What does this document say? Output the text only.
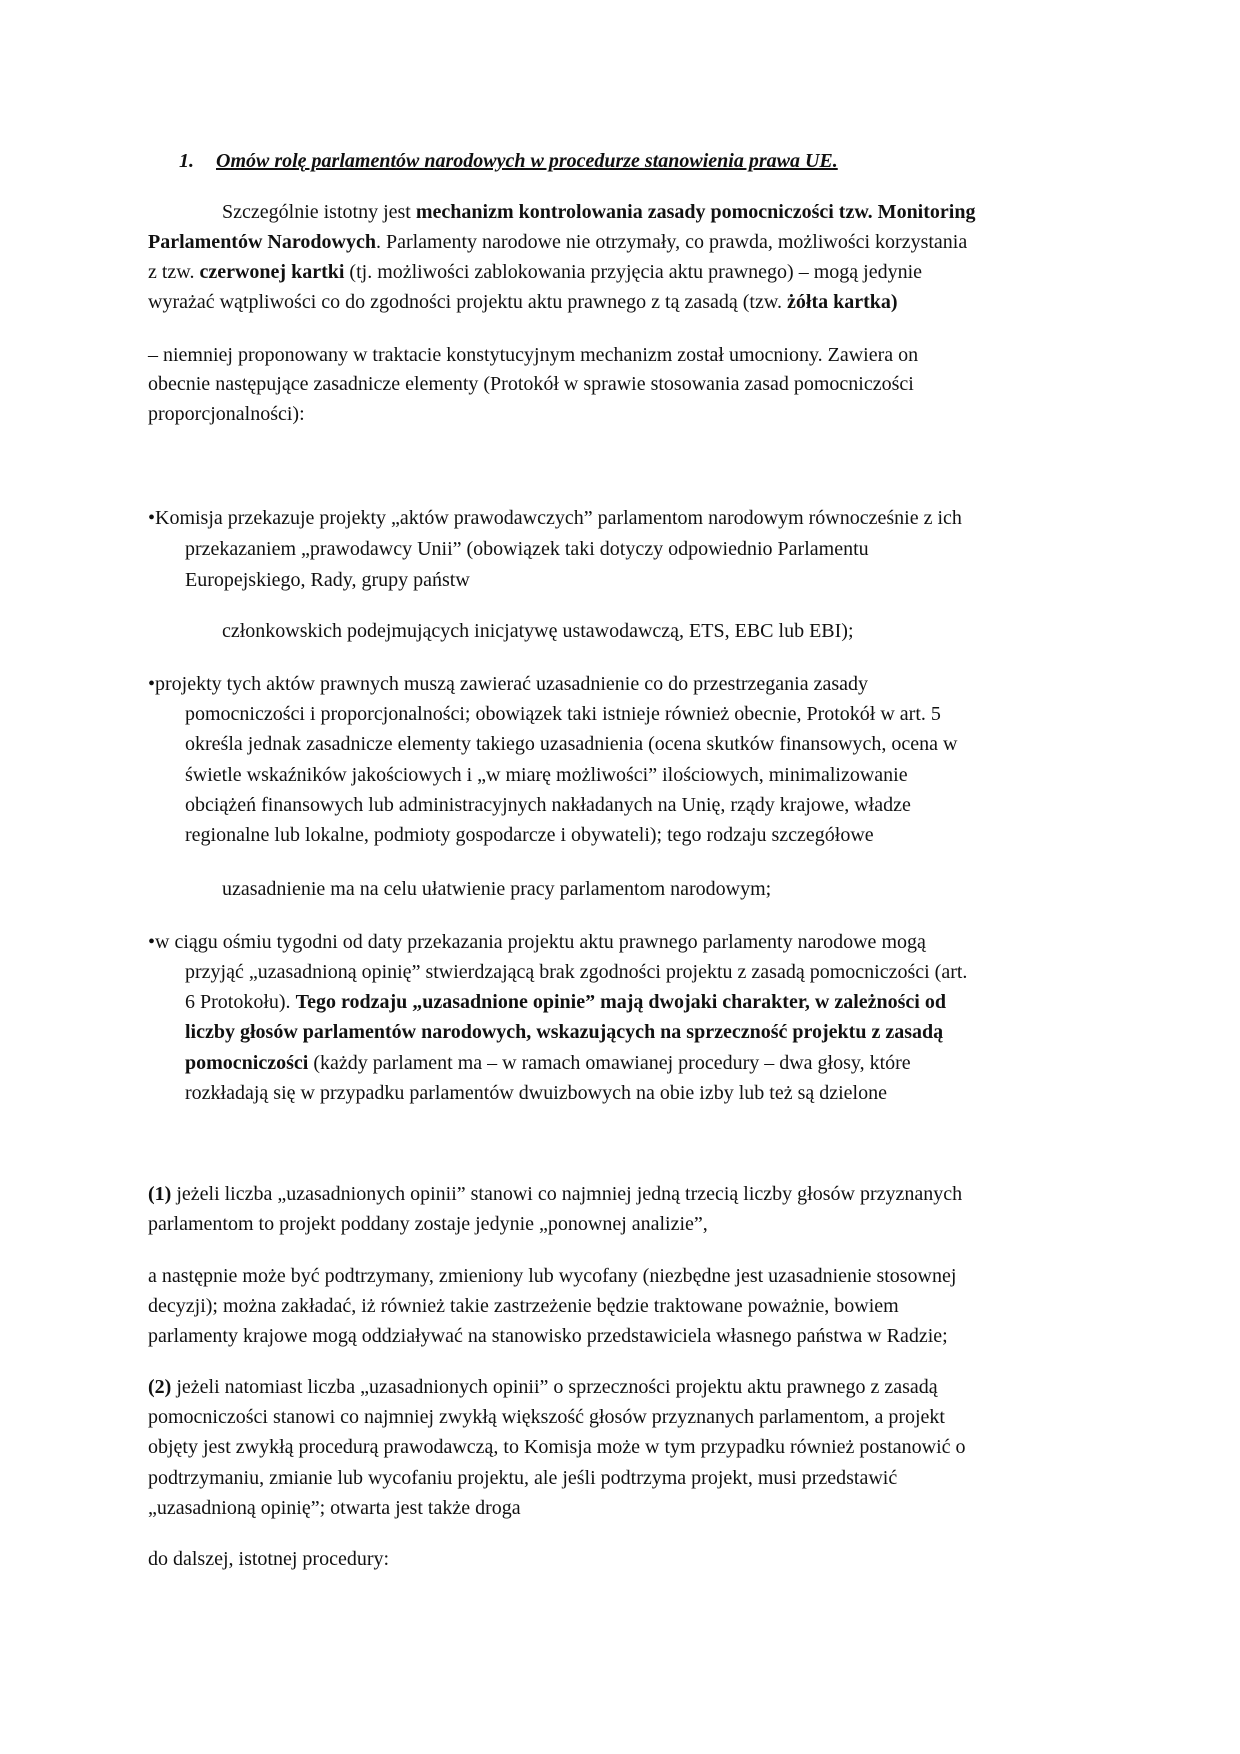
1. Omów rolę parlamentów narodowych w procedurze stanowienia prawa UE.
Szczególnie istotny jest mechanizm kontrolowania zasady pomocniczości tzw. Monitoring
Parlamentów Narodowych. Parlamenty narodowe nie otrzymały, co prawda, możliwości korzystania
z tzw. czerwonej kartki (tj. możliwości zablokowania przyjęcia aktu prawnego) – mogą jedynie
wyrażać wątpliwości co do zgodności projektu aktu prawnego z tą zasadą (tzw. żółta kartka)
– niemniej proponowany w traktacie konstytucyjnym mechanizm został umocniony. Zawiera on
obecnie następujące zasadnicze elementy (Protokół w sprawie stosowania zasad pomocniczości
proporcjonalności):
•Komisja przekazuje projekty „aktów prawodawczych” parlamentom narodowym równocześnie z ich
przekazaniem „prawodawcy Unii” (obowiązek taki dotyczy odpowiednio Parlamentu
Europejskiego, Rady, grupy państw
członkowskich podejmujących inicjatywę ustawodawczą, ETS, EBC lub EBI);
•projekty tych aktów prawnych muszą zawierać uzasadnienie co do przestrzegania zasady
pomocniczości i proporcjonalności; obowiązek taki istnieje również obecnie, Protokół w art. 5
określa jednak zasadnicze elementy takiego uzasadnienia (ocena skutków finansowych, ocena w
świetle wskaźników jakościowych i „w miarę możliwości” ilościowych, minimalizowanie
obciążeń finansowych lub administracyjnych nakładanych na Unię, rządy krajowe, władze
regionalne lub lokalne, podmioty gospodarcze i obywateli); tego rodzaju szczegółowe
uzasadnienie ma na celu ułatwienie pracy parlamentom narodowym;
•w ciągu ośmiu tygodni od daty przekazania projektu aktu prawnego parlamenty narodowe mogą
przyjąć „uzasadnioną opinię” stwierdzającą brak zgodności projektu z zasadą pomocniczości (art.
6 Protokołu). Tego rodzaju „uzasadnione opinie” mają dwojaki charakter, w zależności od
liczby głosów parlamentów narodowych, wskazujących na sprzeczność projektu z zasadą
pomocniczości (każdy parlament ma – w ramach omawianej procedury – dwa głosy, które
rozkładają się w przypadku parlamentów dwuizbowych na obie izby lub też są dzielone
(1) jeżeli liczba „uzasadnionych opinii” stanowi co najmniej jedną trzecią liczby głosów przyznanych
parlamentom to projekt poddany zostaje jedynie „ponownej analizie”,
a następnie może być podtrzymany, zmieniony lub wycofany (niezbędne jest uzasadnienie stosownej
decyzji); można zakładać, iż również takie zastrzeżenie będzie traktowane poważnie, bowiem
parlamenty krajowe mogą oddziaływać na stanowisko przedstawiciela własnego państwa w Radzie;
(2) jeżeli natomiast liczba „uzasadnionych opinii” o sprzeczności projektu aktu prawnego z zasadą
pomocniczości stanowi co najmniej zwykłą większość głosów przyznanych parlamentom, a projekt
objęty jest zwykłą procedurą prawodawczą, to Komisja może w tym przypadku również postanowić o
podtrzymaniu, zmianie lub wycofaniu projektu, ale jeśli podtrzyma projekt, musi przedstawić
„uzasadnioną opinię”; otwarta jest także droga
do dalszej, istotnej procedury:
